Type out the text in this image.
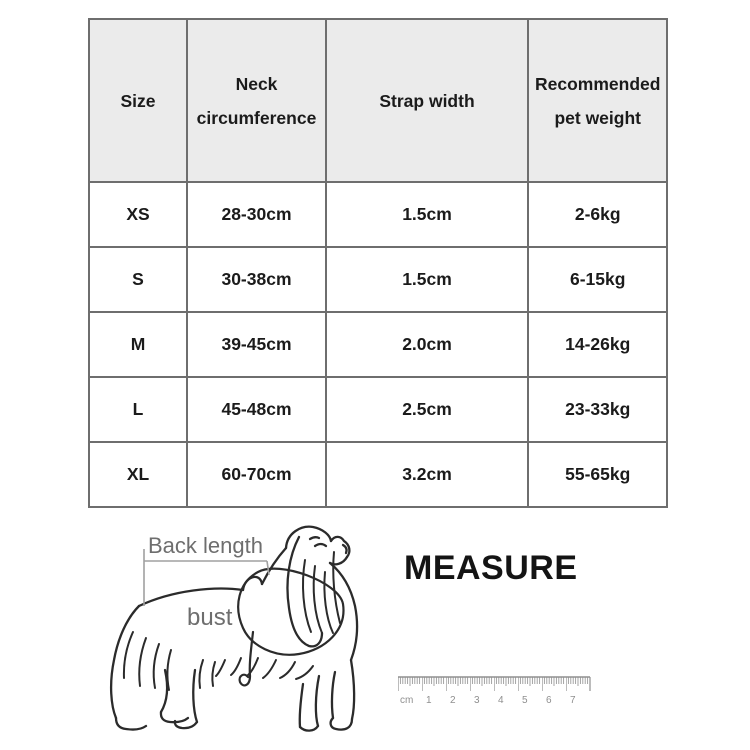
Size	Neck circumference	Strap width	Recommended pet weight
XS	28-30cm	1.5cm	2-6kg
S	30-38cm	1.5cm	6-15kg
M	39-45cm	2.0cm	14-26kg
L	45-48cm	2.5cm	23-33kg
XL	60-70cm	3.2cm	55-65kg
Back length
bust
MEASURE
cm 1 2 3 4 5 6 7
